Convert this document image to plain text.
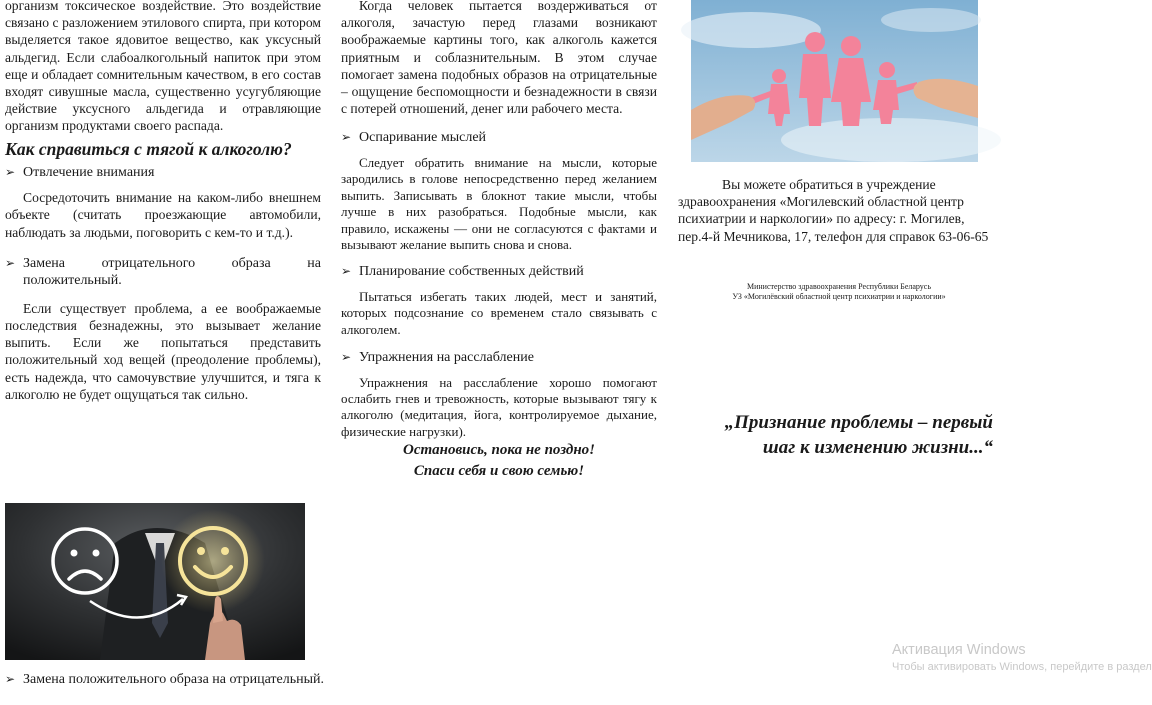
организм токсическое воздействие. Это воздействие связано с разложением этилового спирта, при котором выделяется такое ядовитое вещество, как уксусный альдегид. Если слабоалкогольный напиток при этом еще и обладает сомнительным качеством, в его состав входят сивушные масла, существенно усугубляющие действие уксусного альдегида и отравляющие организм продуктами своего распада.

Как справиться с тягой к алкоголю?
➢ Отвлечение внимания

Сосредоточить внимание на каком-либо внешнем объекте (считать проезжающие автомобили, наблюдать за людьми, поговорить с кем-то и т.д.).

➢ Замена отрицательного образа на положительный.

Если существует проблема, а ее воображаемые последствия безнадежны, это вызывает желание выпить. Если же попытаться представить положительный ход вещей (преодоление проблемы), есть надежда, что самочувствие улучшится, и тяга к алкоголю не будет ощущаться так сильно.

➢ Замена положительного образа на отрицательный.

Когда человек пытается воздерживаться от алкоголя, зачастую перед глазами возникают воображаемые картины того, как алкоголь кажется приятным и соблазнительным. В этом случае помогает замена подобных образов на отрицательные – ощущение беспомощности и безнадежности в связи с потерей отношений, денег или рабочего места.

➢ Оспаривание мыслей

Следует обратить внимание на мысли, которые зародились в голове непосредственно перед желанием выпить. Записывать в блокнот такие мысли, чтобы лучше в них разобраться. Подобные мысли, как правило, искажены — они не согласуются с фактами и вызывают желание выпить снова и снова.

➢ Планирование собственных действий

Пытаться избегать таких людей, мест и занятий, которых подсознание со временем стало связывать с алкоголем.

➢ Упражнения на расслабление

Упражнения на расслабление хорошо помогают ослабить гнев и тревожность, которые вызывают тягу к алкоголю (медитация, йога, контролируемое дыхание, физические нагрузки).

Остановись, пока не поздно!
Спаси себя и свою семью!

Вы можете обратиться в учреждение здравоохранения «Могилевский областной центр психиатрии и наркологии» по адресу: г. Могилев, пер.4-й Мечникова, 17, телефон для справок 63-06-65

Министерство здравоохранения Республики Беларусь
УЗ «Могилёвский областной центр психиатрии и наркологии»
„Признание проблемы – первый
шаг к изменению жизни...“
Активация Windows
Чтобы активировать Windows, перейдите в раздел
